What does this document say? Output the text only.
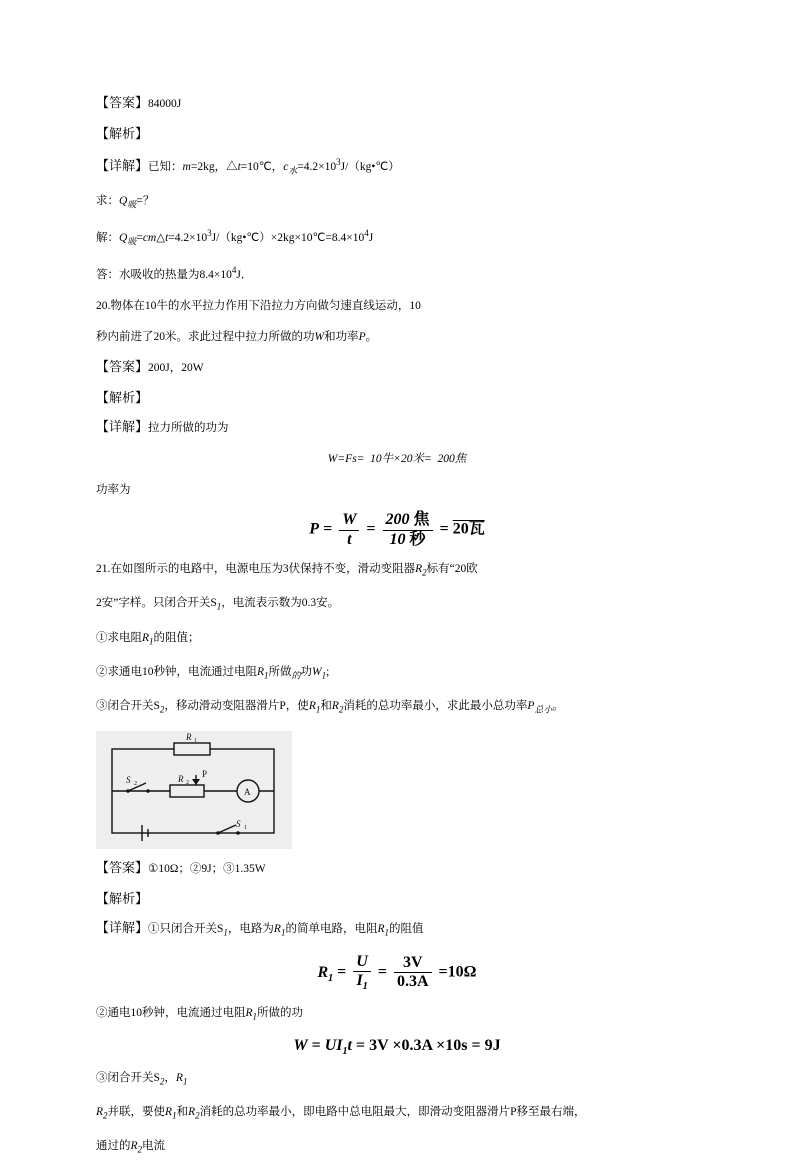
【答案】84000J
【解析】
【详解】已知：m=2kg，△t=10℃，$c_水=4.2\times 10^3J/(kg•℃)$
求：$Q_吸=$？
解：$Q_吸=cm\triangle t=4.2\times 10^3J/(kg•℃)\times 2kg\times 10℃=8.4\times 10^4J$
答：水吸收的热量为$8.4\times 10^4J$．
20.物体在10牛的水平拉力作用下沿拉力方向做匀速直线运动，10
秒内前进了20米。求此过程中拉力所做的功W和功率P。
【答案】200J，20W
【解析】
【详解】拉力所做的功为
W=Fs=  10牛×20米=  200焦
功率为
$P = \frac{W}{t} = \frac{\text{200 焦}}{\text{10 秒}} = 20$瓦
21.在如图所示的电路中，电源电压为3伏保持不变，滑动变阻器$R_2$标有“20欧
2安”字样。只闭合开关$S_1$，电流表示数为0.3安。
①求电阻$R_1$的阻值；
②求通电10秒钟，电流通过电阻$R_1$所做$_的$功$W_1$;
③闭合开关$S_2$，移动滑动变阻器滑片P，使$R_1$和$R_2$消耗的总功率最小，求此最小总功率$P_{总小}$。
R 1
R 2
P
S 2
A
S 1
【答案】①10Ω；②9J；③1.35W
【解析】
【详解】①只闭合开关$S_1$，电路为$R_1$的简单电路，电阻$R_1$的阻值
$R_1 = \frac{U}{I_1} = \frac{3V}{0.3A} =10\Omega$
②通电10秒钟，电流通过电阻$R_1$所做的功
$W = UI_1t = 3V \times 0.3A \times 10s = 9J$
③闭合开关$S_2$，$R_1$
$R_2$并联，要使$R_1$和$R_2$消耗的总功率最小，即电路中总电阻最大，即滑动变阻器滑片P移至最右端，
通过的$R_2$电流
